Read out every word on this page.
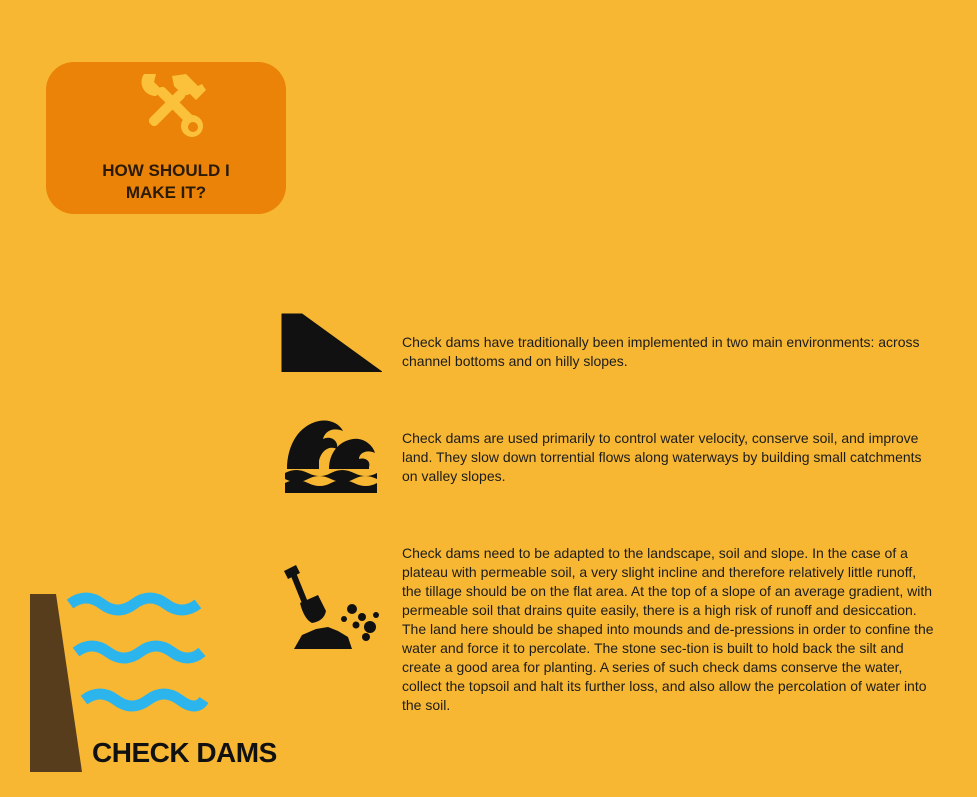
HOW SHOULD I
MAKE IT?
Check dams have traditionally been implemented in two main environments: across channel bottoms and on hilly slopes.
Check dams are used primarily to control water velocity, conserve soil, and improve land. They slow down torrential flows along waterways by building small catchments on valley slopes.
Check dams need to be adapted to the landscape, soil and slope. In the case of a plateau with permeable soil, a very slight incline and therefore relatively little runoff, the tillage should be on the flat area. At the top of a slope of an average gradient, with permeable soil that drains quite easily, there is a high risk of runoff and desiccation. The land here should be shaped into mounds and de-pressions in order to confine the water and force it to percolate. The stone sec-tion is built to hold back the silt and create a good area for planting. A series of such check dams conserve the water, collect the topsoil and halt its further loss, and also allow the percolation of water into the soil.
CHECK DAMS
